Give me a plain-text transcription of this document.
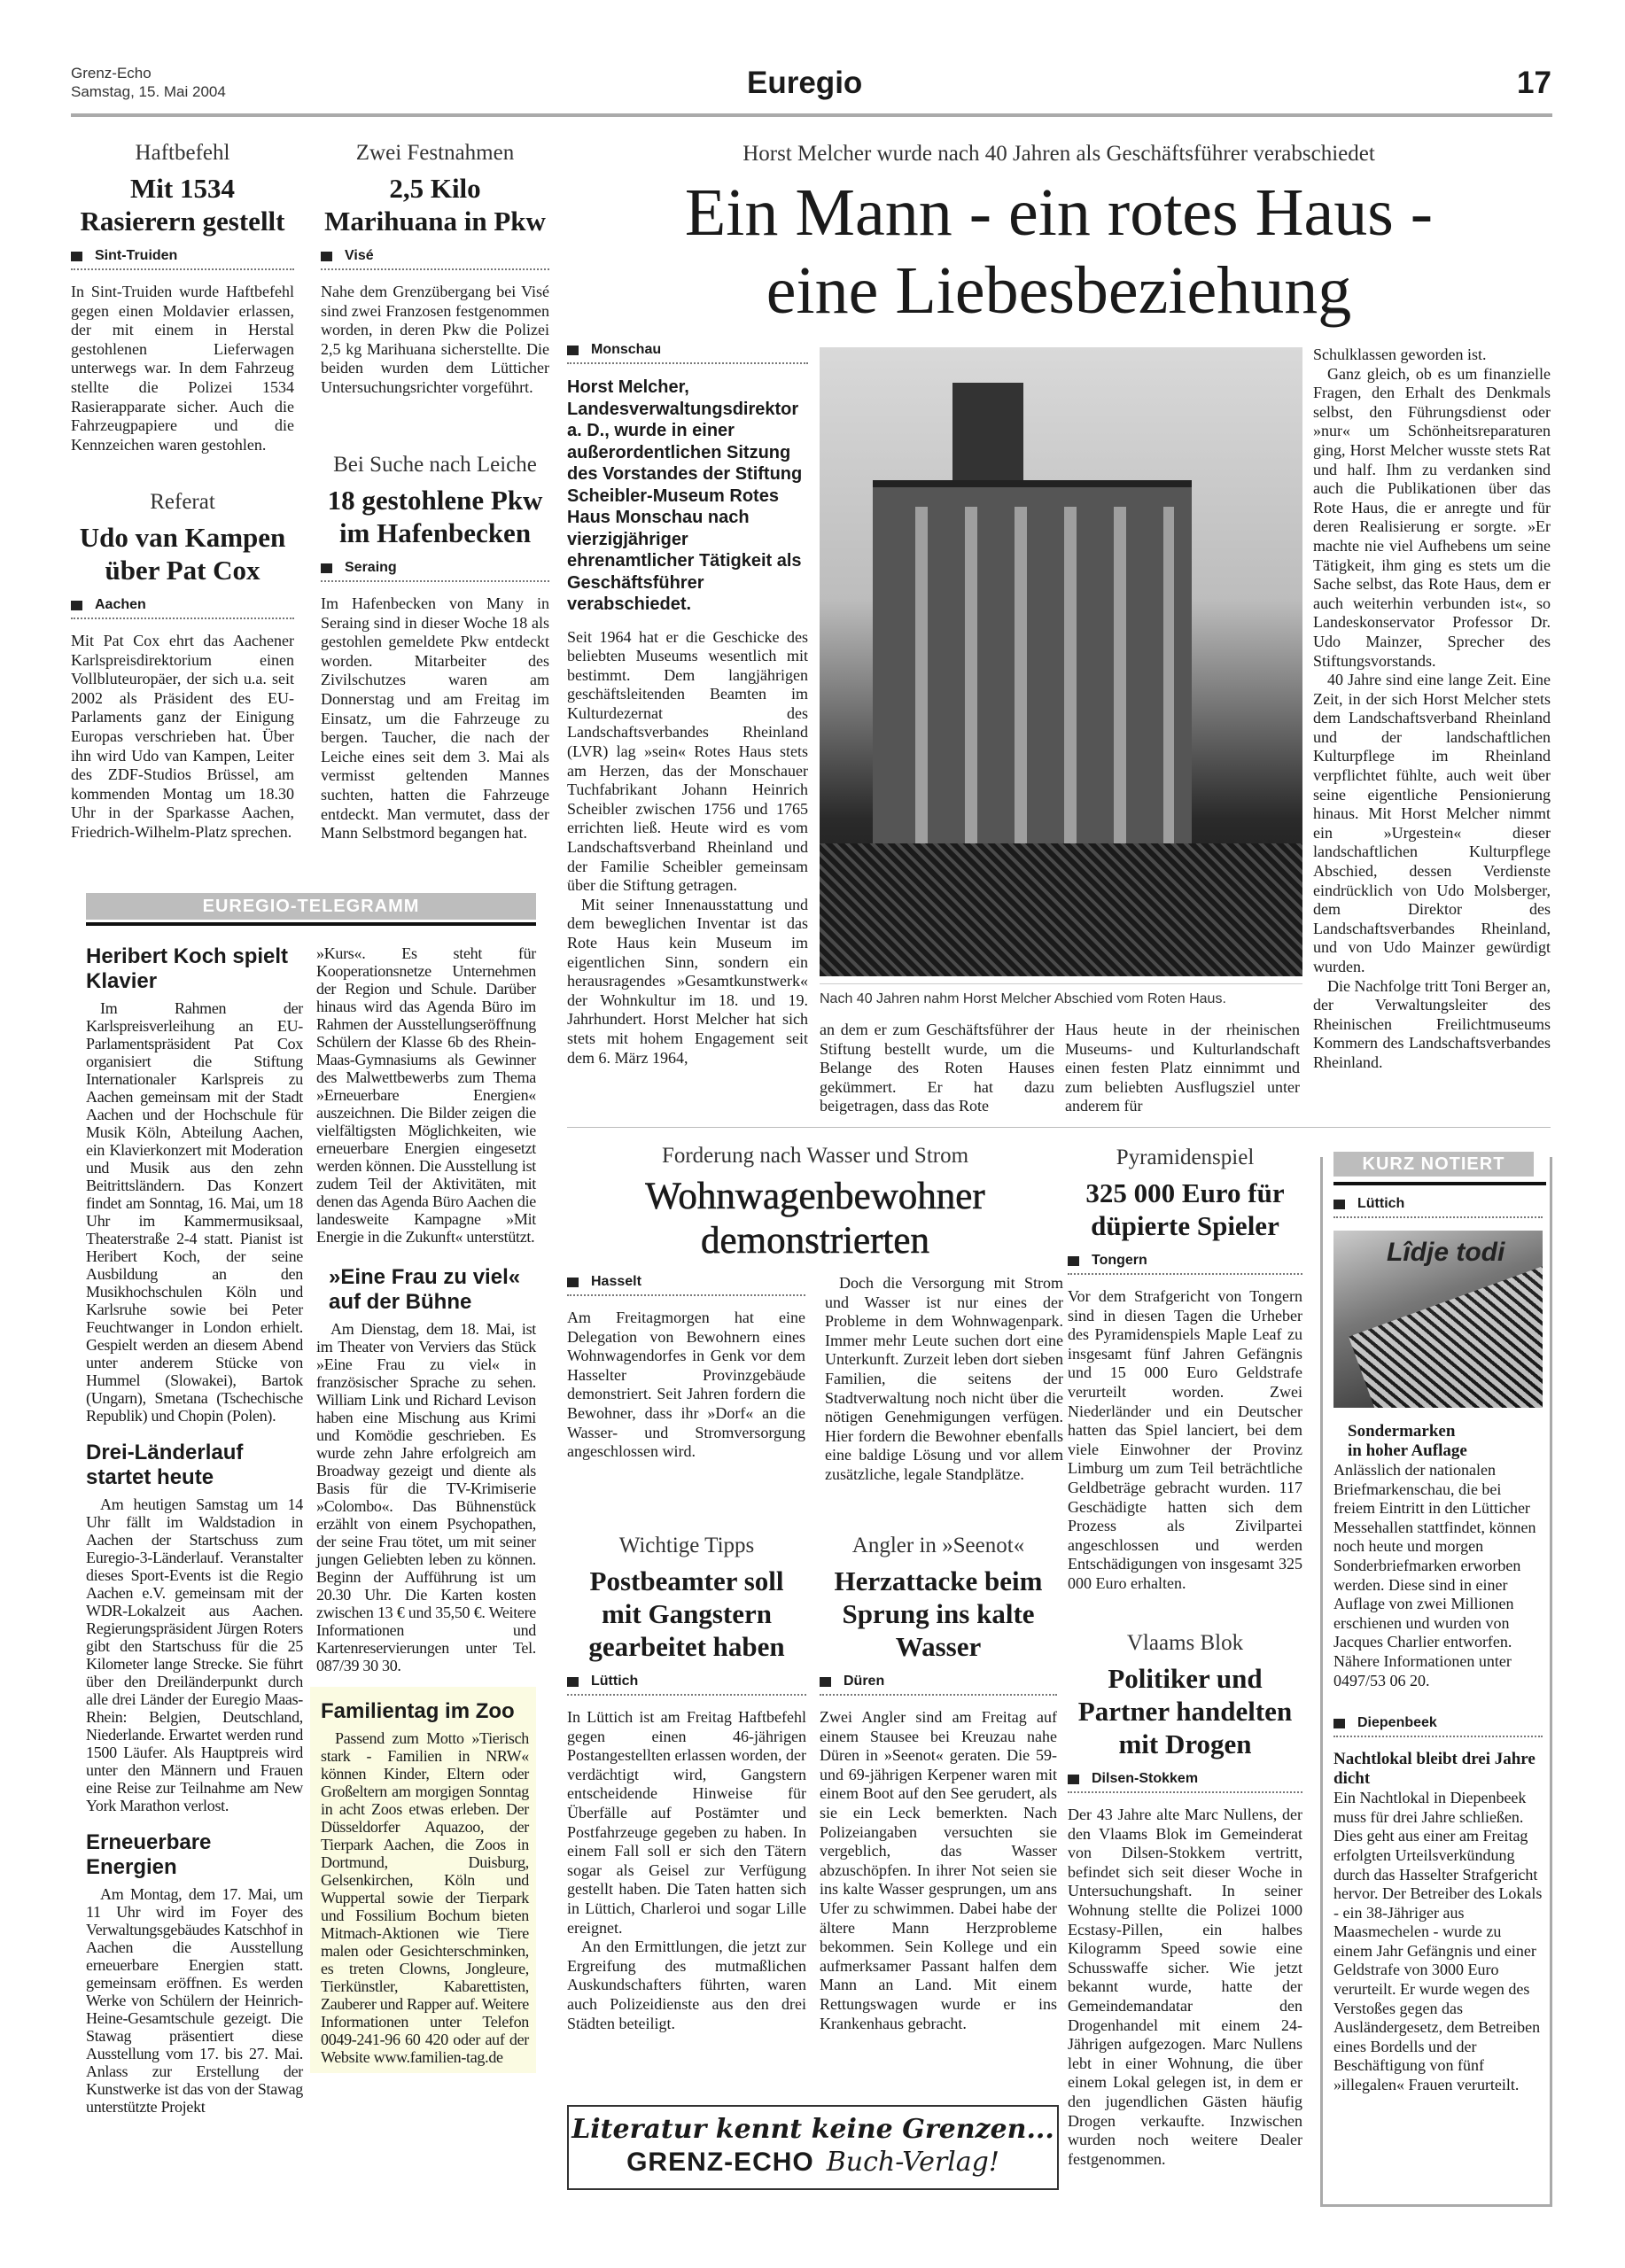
Grenz-Echo
Samstag, 15. Mai 2004	Euregio	17
Haftbefehl
Mit 1534 Rasierern gestellt
Sint-Truiden

In Sint-Truiden wurde Haftbefehl gegen einen Moldavier erlassen, der mit einem in Herstal gestohlenen Lieferwagen unterwegs war. In dem Fahrzeug stellte die Polizei 1534 Rasierapparate sicher. Auch die Fahrzeugpapiere und die Kennzeichen waren gestohlen.

Referat
Udo van Kampen über Pat Cox
Aachen

Mit Pat Cox ehrt das Aachener Karlspreisdirektorium einen Vollbluteuropäer, der sich u.a. seit 2002 als Präsident des EU-Parlaments ganz der Einigung Europas verschrieben hat. Über ihn wird Udo van Kampen, Leiter des ZDF-Studios Brüssel, am kommenden Montag um 18.30 Uhr in der Sparkasse Aachen, Friedrich-Wilhelm-Platz sprechen.

Zwei Festnahmen
2,5 Kilo Marihuana in Pkw
Visé

Nahe dem Grenzübergang bei Visé sind zwei Franzosen festgenommen worden, in deren Pkw die Polizei 2,5 kg Marihuana sicherstellte. Die beiden wurden dem Lütticher Untersuchungsrichter vorgeführt.

Bei Suche nach Leiche
18 gestohlene Pkw im Hafenbecken
Seraing

Im Hafenbecken von Many in Seraing sind in dieser Woche 18 als gestohlen gemeldete Pkw entdeckt worden. Mitarbeiter des Zivilschutzes waren am Donnerstag und am Freitag im Einsatz, um die Fahrzeuge zu bergen. Taucher, die nach der Leiche eines seit dem 3. Mai als vermisst geltenden Mannes suchten, hatten die Fahrzeuge entdeckt. Man vermutet, dass der Mann Selbstmord begangen hat.

Horst Melcher wurde nach 40 Jahren als Geschäftsführer verabschiedet
Ein Mann - ein rotes Haus -
eine Liebesbeziehung
Monschau
Horst Melcher, Landesverwaltungsdirektor a. D., wurde in einer außerordentlichen Sitzung des Vorstandes der Stiftung Scheibler-Museum Rotes Haus Monschau nach vierzigjähriger ehrenamtlicher Tätigkeit als Geschäftsführer verabschiedet.

Seit 1964 hat er die Geschicke des beliebten Museums wesentlich mit bestimmt. Dem langjährigen geschäftsleitenden Beamten im Kulturdezernat des Landschaftsverbandes Rheinland (LVR) lag »sein« Rotes Haus stets am Herzen, das der Monschauer Tuchfabrikant Johann Heinrich Scheibler zwischen 1756 und 1765 errichten ließ. Heute wird es vom Landschaftsverband Rheinland und der Familie Scheibler gemeinsam über die Stiftung getragen.

Mit seiner Innenausstattung und dem beweglichen Inventar ist das Rote Haus kein Museum im eigentlichen Sinn, sondern ein herausragendes »Gesamtkunstwerk« der Wohnkultur im 18. und 19. Jahrhundert. Horst Melcher hat sich stets mit hohem Engagement seit dem 6. März 1964,

Nach 40 Jahren nahm Horst Melcher Abschied vom Roten Haus.

an dem er zum Geschäftsführer der Stiftung bestellt wurde, um die Belange des Roten Hauses gekümmert. Er hat dazu beigetragen, dass das Rote

Haus heute in der rheinischen Museums- und Kulturlandschaft einen festen Platz einnimmt und zum beliebten Ausflugsziel unter anderem für

Schulklassen geworden ist.

Ganz gleich, ob es um finanzielle Fragen, den Erhalt des Denkmals selbst, den Führungsdienst oder »nur« um Schönheitsreparaturen ging, Horst Melcher wusste stets Rat und half. Ihm zu verdanken sind auch die Publikationen über das Rote Haus, die er anregte und für deren Realisierung er sorgte. »Er machte nie viel Aufhebens um seine Tätigkeit, ihm ging es stets um die Sache selbst, das Rote Haus, dem er auch weiterhin verbunden ist«, so Landeskonservator Professor Dr. Udo Mainzer, Sprecher des Stiftungsvorstands.

40 Jahre sind eine lange Zeit. Eine Zeit, in der sich Horst Melcher stets dem Landschaftsverband Rheinland und der landschaftlichen Kulturpflege im Rheinland verpflichtet fühlte, auch weit über seine eigentliche Pensionierung hinaus. Mit Horst Melcher nimmt ein »Urgestein« dieser landschaftlichen Kulturpflege Abschied, dessen Verdienste eindrücklich von Udo Molsberger, dem Direktor des Landschaftsverbandes Rheinland, und von Udo Mainzer gewürdigt wurden.

Die Nachfolge tritt Toni Berger an, der Verwaltungsleiter des Rheinischen Freilichtmuseums Kommern des Landschaftsverbandes Rheinland.

EUREGIO-TELEGRAMM
Heribert Koch spielt Klavier

Im Rahmen der Karlspreisverleihung an EU-Parlamentspräsident Pat Cox organisiert die Stiftung Internationaler Karlspreis zu Aachen gemeinsam mit der Stadt Aachen und der Hochschule für Musik Köln, Abteilung Aachen, ein Klavierkonzert mit Moderation und Musik aus den zehn Beitrittsländern. Das Konzert findet am Sonntag, 16. Mai, um 18 Uhr im Kammermusiksaal, Theaterstraße 2-4 statt. Pianist ist Heribert Koch, der seine Ausbildung an den Musikhochschulen Köln und Karlsruhe sowie bei Peter Feuchtwanger in London erhielt. Gespielt werden an diesem Abend unter anderem Stücke von Hummel (Slowakei), Bartok (Ungarn), Smetana (Tschechische Republik) und Chopin (Polen).

Drei-Länderlauf startet heute

Am heutigen Samstag um 14 Uhr fällt im Waldstadion in Aachen der Startschuss zum Euregio-3-Länderlauf. Veranstalter dieses Sport-Events ist die Regio Aachen e.V. gemeinsam mit der WDR-Lokalzeit aus Aachen. Regierungspräsident Jürgen Roters gibt den Startschuss für die 25 Kilometer lange Strecke. Sie führt über den Dreiländerpunkt durch alle drei Länder der Euregio Maas-Rhein: Belgien, Deutschland, Niederlande. Erwartet werden rund 1500 Läufer. Als Hauptpreis wird unter den Männern und Frauen eine Reise zur Teilnahme am New York Marathon verlost.

Erneuerbare Energien

Am Montag, dem 17. Mai, um 11 Uhr wird im Foyer des Verwaltungsgebäudes Katschhof in Aachen die Ausstellung erneuerbare Energien statt. gemeinsam eröffnen. Es werden Werke von Schülern der Heinrich-Heine-Gesamtschule gezeigt. Die Stawag präsentiert diese Ausstellung vom 17. bis 27. Mai. Anlass zur Erstellung der Kunstwerke ist das von der Stawag unterstützte Projekt

»Kurs«. Es steht für Kooperationsnetze Unternehmen der Region und Schule. Darüber hinaus wird das Agenda Büro im Rahmen der Ausstellungseröffnung Schülern der Klasse 6b des Rhein-Maas-Gymnasiums als Gewinner des Malwettbewerbs zum Thema »Erneuerbare Energien« auszeichnen. Die Bilder zeigen die vielfältigsten Möglichkeiten, wie erneuerbare Energien eingesetzt werden können. Die Ausstellung ist zudem Teil der Aktivitäten, mit denen das Agenda Büro Aachen die landesweite Kampagne »Mit Energie in die Zukunft« unterstützt.

»Eine Frau zu viel« auf der Bühne

Am Dienstag, dem 18. Mai, ist im Theater von Verviers das Stück »Eine Frau zu viel« in französischer Sprache zu sehen. William Link und Richard Levison haben eine Mischung aus Krimi und Komödie geschrieben. Es wurde zehn Jahre erfolgreich am Broadway gezeigt und diente als Basis für die TV-Krimiserie »Colombo«. Das Bühnenstück erzählt von einem Psychopathen, der seine Frau tötet, um mit seiner jungen Geliebten leben zu können. Beginn der Aufführung ist um 20.30 Uhr. Die Karten kosten zwischen 13 € und 35,50 €. Weitere Informationen und Kartenreservierungen unter Tel. 087/39 30 30.

Familientag im Zoo

Passend zum Motto »Tierisch stark - Familien in NRW« können Kinder, Eltern oder Großeltern am morgigen Sonntag in acht Zoos etwas erleben. Der Düsseldorfer Aquazoo, der Tierpark Aachen, die Zoos in Dortmund, Duisburg, Gelsenkirchen, Köln und Wuppertal sowie der Tierpark und Fossilium Bochum bieten Mitmach-Aktionen wie Tiere malen oder Gesichterschminken, es treten Clowns, Jongleure, Tierkünstler, Kabarettisten, Zauberer und Rapper auf. Weitere Informationen unter Telefon 0049-241-96 60 420 oder auf der Website www.familien-tag.de

Forderung nach Wasser und Strom
Wohnwagenbewohner demonstrierten
Hasselt

Am Freitagmorgen hat eine Delegation von Bewohnern eines Wohnwagendorfes in Genk vor dem Hasselter Provinzgebäude demonstriert. Seit Jahren fordern die Bewohner, dass ihr »Dorf« an die Wasser- und Stromversorgung angeschlossen wird.

Doch die Versorgung mit Strom und Wasser ist nur eines der Probleme in dem Wohnwagenpark. Immer mehr Leute suchen dort eine Unterkunft. Zurzeit leben dort sieben Familien, die seitens der Stadtverwaltung noch nicht über die nötigen Genehmigungen verfügen. Hier fordern die Bewohner ebenfalls eine baldige Lösung und vor allem zusätzliche, legale Standplätze.

Wichtige Tipps
Postbeamter soll mit Gangstern gearbeitet haben
Lüttich

In Lüttich ist am Freitag Haftbefehl gegen einen 46-jährigen Postangestellten erlassen worden, der verdächtigt wird, Gangstern entscheidende Hinweise für Überfälle auf Postämter und Postfahrzeuge gegeben zu haben. In einem Fall soll er sich den Tätern sogar als Geisel zur Verfügung gestellt haben. Die Taten hatten sich in Lüttich, Charleroi und sogar Lille ereignet.

An den Ermittlungen, die jetzt zur Ergreifung des mutmaßlichen Auskundschafters führten, waren auch Polizeidienste aus den drei Städten beteiligt.

Angler in »Seenot«
Herzattacke beim Sprung ins kalte Wasser
Düren

Zwei Angler sind am Freitag auf einem Stausee bei Kreuzau nahe Düren in »Seenot« geraten. Die 59- und 69-jährigen Kerpener waren mit einem Boot auf den See gerudert, als sie ein Leck bemerkten. Nach Polizeiangaben versuchten sie vergeblich, das Wasser abzuschöpfen. In ihrer Not seien sie ins kalte Wasser gesprungen, um ans Ufer zu schwimmen. Dabei habe der ältere Mann Herzprobleme bekommen. Sein Kollege und ein aufmerksamer Passant halfen dem Mann an Land. Mit einem Rettungswagen wurde er ins Krankenhaus gebracht.

Literatur kennt keine Grenzen...
GRENZ-ECHO Buch-Verlag!
Pyramidenspiel
325 000 Euro für düpierte Spieler
Tongern

Vor dem Strafgericht von Tongern sind in diesen Tagen die Urheber des Pyramidenspiels Maple Leaf zu insgesamt fünf Jahren Gefängnis und 15 000 Euro Geldstrafe verurteilt worden. Zwei Niederländer und ein Deutscher hatten das Spiel lanciert, bei dem viele Einwohner der Provinz Limburg um zum Teil beträchtliche Geldbeträge gebracht wurden. 117 Geschädigte hatten sich dem Prozess als Zivilpartei angeschlossen und werden Entschädigungen von insgesamt 325 000 Euro erhalten.

Vlaams Blok
Politiker und Partner handelten mit Drogen
Dilsen-Stokkem

Der 43 Jahre alte Marc Nullens, der den Vlaams Blok im Gemeinderat von Dilsen-Stokkem vertritt, befindet sich seit dieser Woche in Untersuchungshaft. In seiner Wohnung stellte die Polizei 1000 Ecstasy-Pillen, ein halbes Kilogramm Speed sowie eine Schusswaffe sicher. Wie jetzt bekannt wurde, hatte der Gemeindemandatar den Drogenhandel mit einem 24-Jährigen aufgezogen. Marc Nullens lebt in einer Wohnung, die über einem Lokal gelegen ist, in dem er den jugendlichen Gästen häufig Drogen verkaufte. Inzwischen wurden noch weitere Dealer festgenommen.

KURZ NOTIERT
Lüttich
Lîdje todi
Sondermarken
in hoher Auflage

Anlässlich der nationalen Briefmarkenschau, die bei freiem Eintritt in den Lütticher Messehallen stattfindet, können noch heute und morgen Sonderbriefmarken erworben werden. Diese sind in einer Auflage von zwei Millionen erschienen und wurden von Jacques Charlier entworfen. Nähere Informationen unter 0497/53 06 20.

Diepenbeek
Nachtlokal bleibt drei Jahre dicht

Ein Nachtlokal in Diepenbeek muss für drei Jahre schließen. Dies geht aus einer am Freitag erfolgten Urteilsverkündung durch das Hasselter Strafgericht hervor. Der Betreiber des Lokals - ein 38-Jähriger aus Maasmechelen - wurde zu einem Jahr Gefängnis und einer Geldstrafe von 3000 Euro verurteilt. Er wurde wegen des Verstoßes gegen das Ausländergesetz, dem Betreiben eines Bordells und der Beschäftigung von fünf »illegalen« Frauen verurteilt.
